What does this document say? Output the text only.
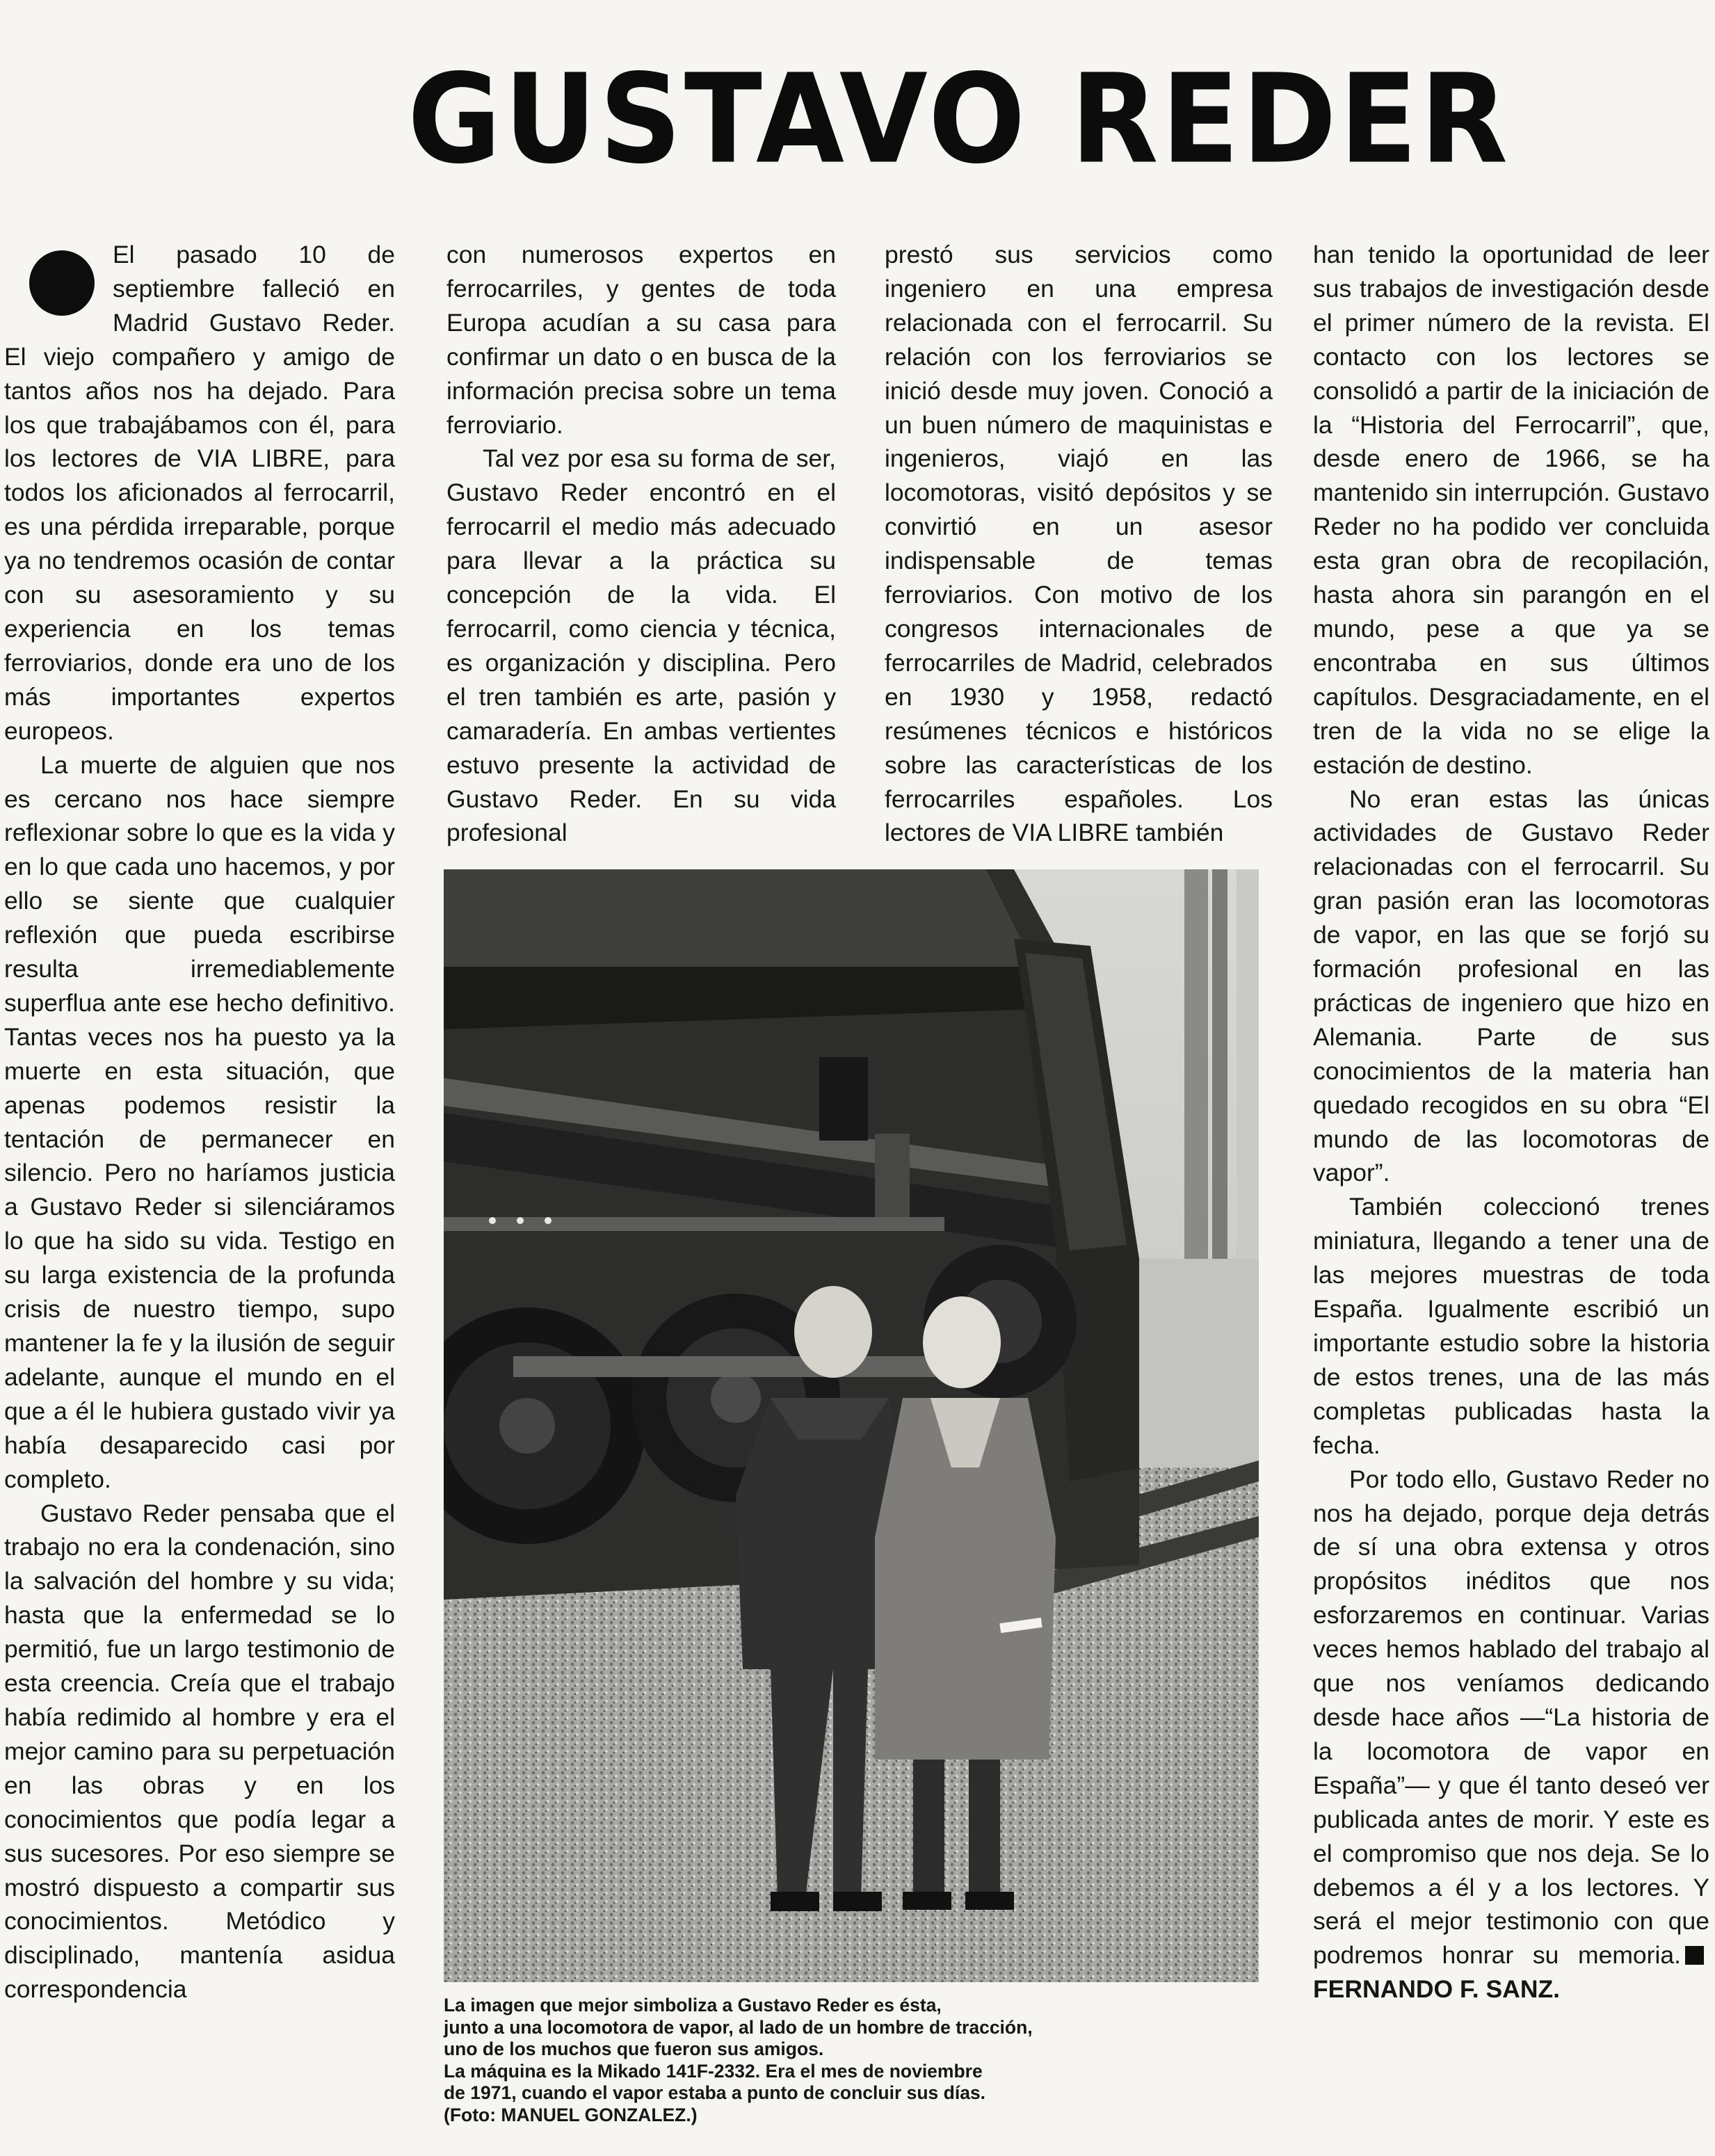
GUSTAVO REDER

El pasado 10 de septiembre falleció en Madrid Gustavo Reder. El viejo compañero y amigo de tantos años nos ha dejado. Para los que trabajábamos con él, para los lectores de VIA LIBRE, para todos los aficionados al ferrocarril, es una pérdida irreparable, porque ya no tendremos ocasión de contar con su asesoramiento y su experiencia en los temas ferroviarios, donde era uno de los más importantes expertos europeos.

La muerte de alguien que nos es cercano nos hace siempre reflexionar sobre lo que es la vida y en lo que cada uno hacemos, y por ello se siente que cualquier reflexión que pueda escribirse resulta irremediablemente superflua ante ese hecho definitivo. Tantas veces nos ha puesto ya la muerte en esta situación, que apenas podemos resistir la tentación de permanecer en silencio. Pero no haríamos justicia a Gustavo Reder si silenciáramos lo que ha sido su vida. Testigo en su larga existencia de la profunda crisis de nuestro tiempo, supo mantener la fe y la ilusión de seguir adelante, aunque el mundo en el que a él le hubiera gustado vivir ya había desaparecido casi por completo.

Gustavo Reder pensaba que el trabajo no era la condenación, sino la salvación del hombre y su vida; hasta que la enfermedad se lo permitió, fue un largo testimonio de esta creencia. Creía que el trabajo había redimido al hombre y era el mejor camino para su perpetuación en las obras y en los conocimientos que podía legar a sus sucesores. Por eso siempre se mostró dispuesto a compartir sus conocimientos. Metódico y disciplinado, mantenía asidua correspondencia

con numerosos expertos en ferrocarriles, y gentes de toda Europa acudían a su casa para confirmar un dato o en busca de la información precisa sobre un tema ferroviario.

Tal vez por esa su forma de ser, Gustavo Reder encontró en el ferrocarril el medio más adecuado para llevar a la práctica su concepción de la vida. El ferrocarril, como ciencia y técnica, es organización y disciplina. Pero el tren también es arte, pasión y camaradería. En ambas vertientes estuvo presente la actividad de Gustavo Reder. En su vida profesional

prestó sus servicios como ingeniero en una empresa relacionada con el ferrocarril. Su relación con los ferroviarios se inició desde muy joven. Conoció a un buen número de maquinistas e ingenieros, viajó en las locomotoras, visitó depósitos y se convirtió en un asesor indispensable de temas ferroviarios. Con motivo de los congresos internacionales de ferrocarriles de Madrid, celebrados en 1930 y 1958, redactó resúmenes técnicos e históricos sobre las características de los ferrocarriles españoles. Los lectores de VIA LIBRE también

han tenido la oportunidad de leer sus trabajos de investigación desde el primer número de la revista. El contacto con los lectores se consolidó a partir de la iniciación de la “Historia del Ferrocarril”, que, desde enero de 1966, se ha mantenido sin interrupción. Gustavo Reder no ha podido ver concluida esta gran obra de recopilación, hasta ahora sin parangón en el mundo, pese a que ya se encontraba en sus últimos capítulos. Desgraciadamente, en el tren de la vida no se elige la estación de destino.

No eran estas las únicas actividades de Gustavo Reder relacionadas con el ferrocarril. Su gran pasión eran las locomotoras de vapor, en las que se forjó su formación profesional en las prácticas de ingeniero que hizo en Alemania. Parte de sus conocimientos de la materia han quedado recogidos en su obra “El mundo de las locomotoras de vapor”.

También coleccionó trenes miniatura, llegando a tener una de las mejores muestras de toda España. Igualmente escribió un importante estudio sobre la historia de estos trenes, una de las más completas publicadas hasta la fecha.

Por todo ello, Gustavo Reder no nos ha dejado, porque deja detrás de sí una obra extensa y otros propósitos inéditos que nos esforzaremos en continuar. Varias veces hemos hablado del trabajo al que nos veníamos dedicando desde hace años —“La historia de la locomotora de vapor en España”— y que él tanto deseó ver publicada antes de morir. Y este es el compromiso que nos deja. Se lo debemos a él y a los lectores. Y será el mejor testimonio con que podremos honrar su memoria.FERNANDO F. SANZ.

La imagen que mejor simboliza a Gustavo Reder es ésta,
junto a una locomotora de vapor, al lado de un hombre de tracción,
uno de los muchos que fueron sus amigos.
La máquina es la Mikado 141F-2332. Era el mes de noviembre
de 1971, cuando el vapor estaba a punto de concluir sus días.
(Foto: MANUEL GONZALEZ.)
